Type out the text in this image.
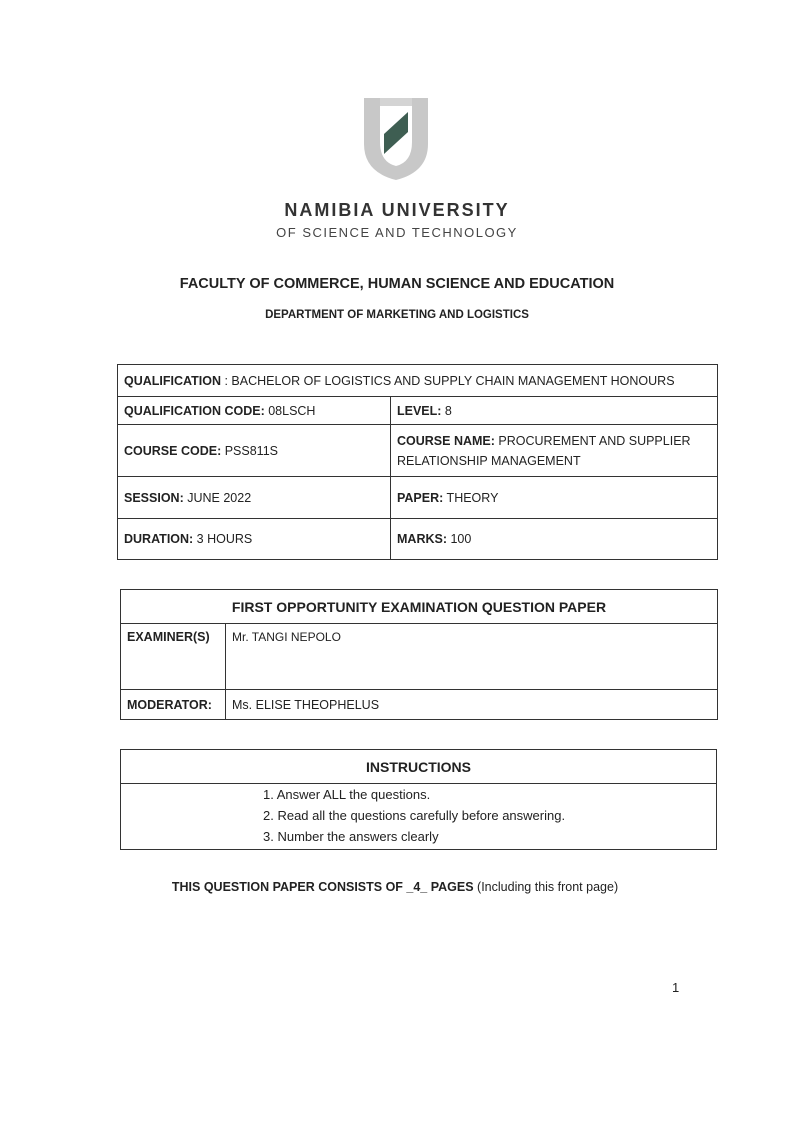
NAMIBIA UNIVERSITY
OF SCIENCE AND TECHNOLOGY
FACULTY OF COMMERCE, HUMAN SCIENCE AND EDUCATION
DEPARTMENT OF MARKETING AND LOGISTICS
QUALIFICATION : BACHELOR OF LOGISTICS AND SUPPLY CHAIN MANAGEMENT HONOURS	
QUALIFICATION CODE: 08LSCH	LEVEL: 8
COURSE CODE: PSS811S	COURSE NAME: PROCUREMENT AND SUPPLIER RELATIONSHIP MANAGEMENT
SESSION: JUNE 2022	PAPER: THEORY
DURATION: 3 HOURS	MARKS: 100
FIRST OPPORTUNITY EXAMINATION QUESTION PAPER	
EXAMINER(S)	Mr. TANGI NEPOLO
MODERATOR:	Ms. ELISE THEOPHELUS
INSTRUCTIONS

1. Answer ALL the questions.
2. Read all the questions carefully before answering.
3. Number the answers clearly
THIS QUESTION PAPER CONSISTS OF _4_ PAGES (Including this front page)
1
